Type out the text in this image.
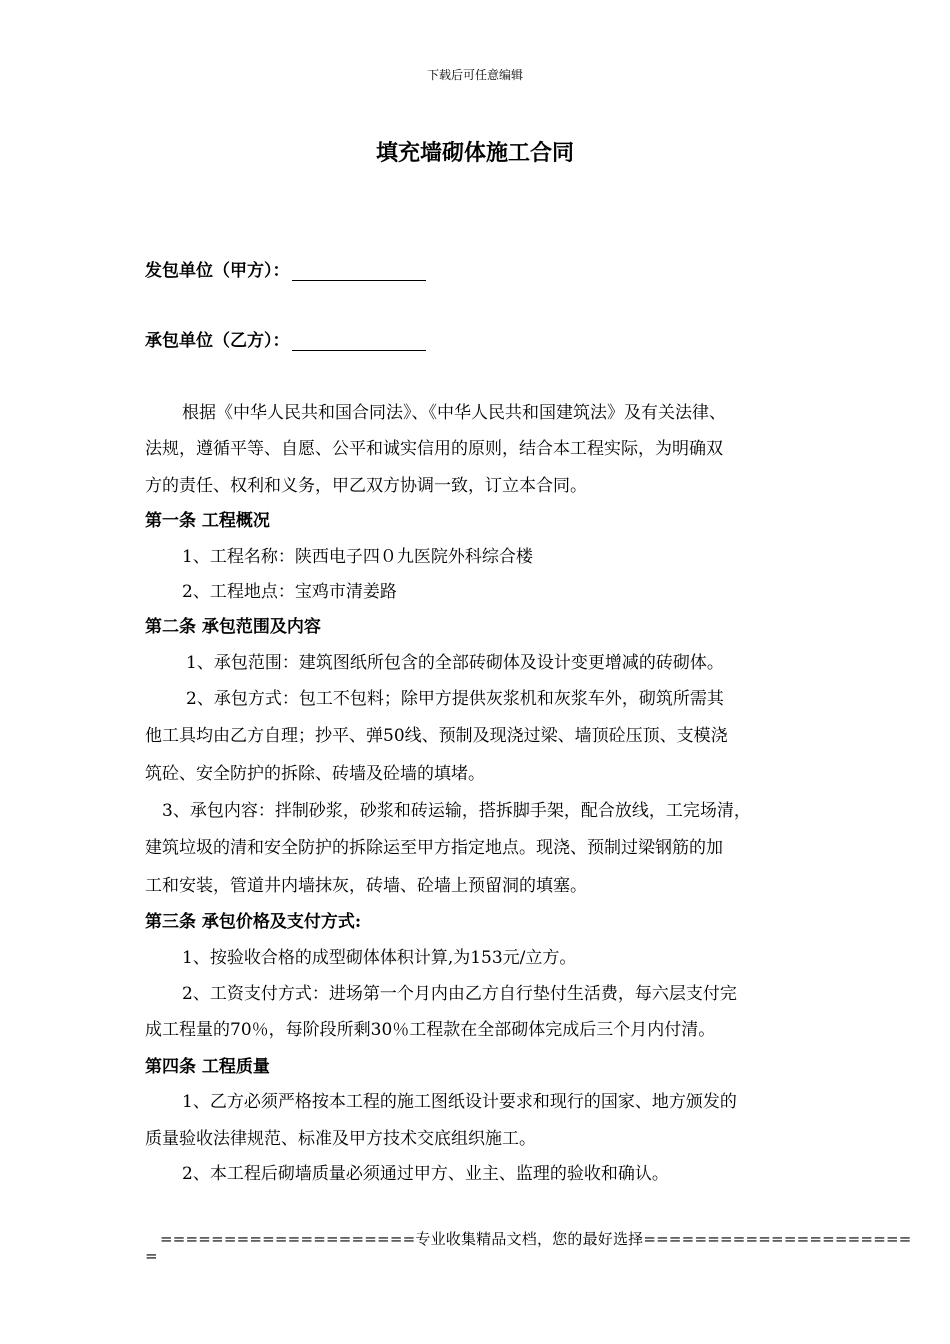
下载后可任意编辑
填充墙砌体施工合同
发包单位（甲方）：
承包单位（乙方）：
根据《中华人民共和国合同法》、《中华人民共和国建筑法》及有关法律、
法规，遵循平等、自愿、公平和诚实信用的原则，结合本工程实际，为明确双
方的责任、权利和义务，甲乙双方协调一致，订立本合同。
第一条 工程概况
1、工程名称：陕西电子四０九医院外科综合楼
2、工程地点：宝鸡市清姜路
第二条 承包范围及内容
1、承包范围：建筑图纸所包含的全部砖砌体及设计变更增减的砖砌体。
2、承包方式：包工不包料；除甲方提供灰浆机和灰浆车外，砌筑所需其
他工具均由乙方自理；抄平、弹50线、预制及现浇过梁、墙顶砼压顶、支模浇
筑砼、安全防护的拆除、砖墙及砼墙的填堵。
3、承包内容：拌制砂浆，砂浆和砖运输，搭拆脚手架，配合放线，工完场清，
建筑垃圾的清和安全防护的拆除运至甲方指定地点。现浇、预制过梁钢筋的加
工和安装，管道井内墙抹灰，砖墙、砼墙上预留洞的填塞。
第三条 承包价格及支付方式:
1、按验收合格的成型砌体体积计算,为153元/立方。
2、工资支付方式：进场第一个月内由乙方自行垫付生活费，每六层支付完
成工程量的70％，每阶段所剩30％工程款在全部砌体完成后三个月内付清。
第四条 工程质量
1、乙方必须严格按本工程的施工图纸设计要求和现行的国家、地方颁发的
质量验收法律规范、标准及甲方技术交底组织施工。
2、本工程后砌墙质量必须通过甲方、业主、监理的验收和确认。
====================专业收集精品文档，您的最好选择=====================
=
